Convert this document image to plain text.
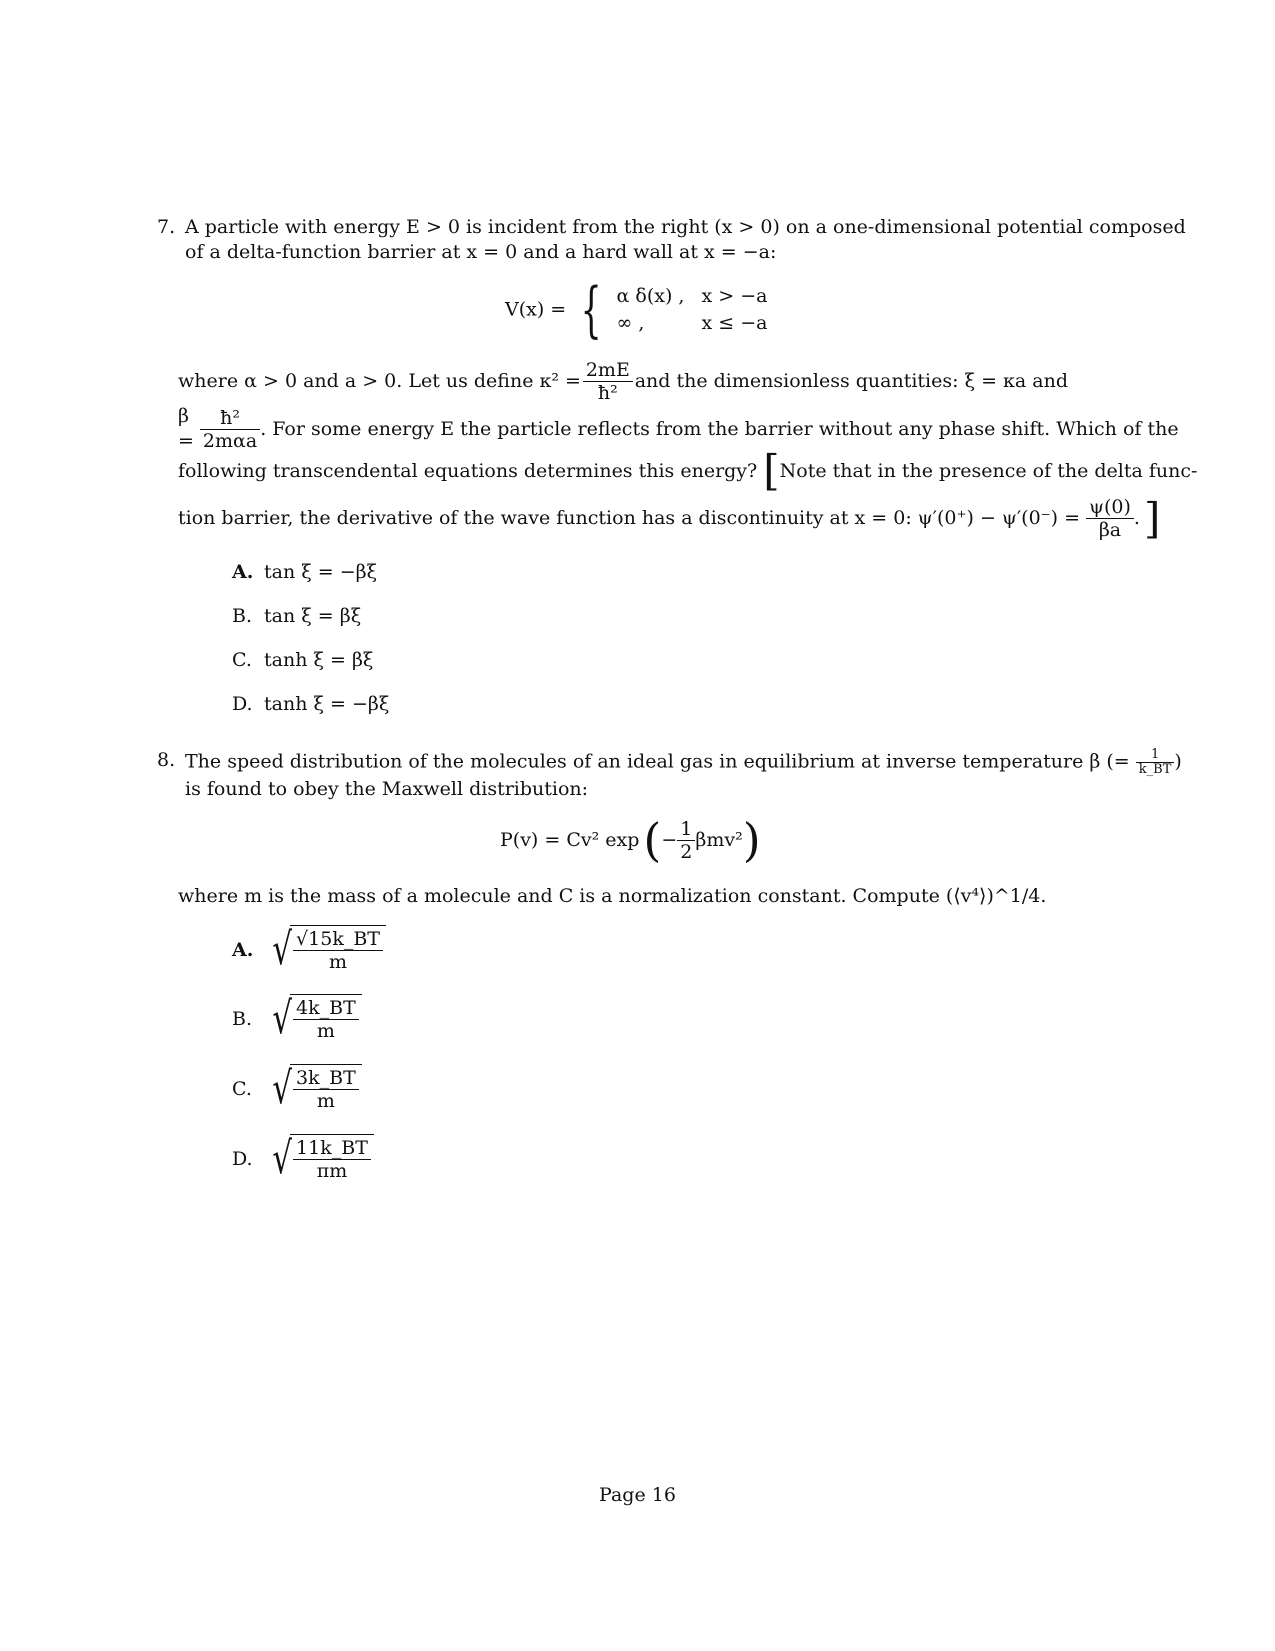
7. A particle with energy E > 0 is incident from the right (x > 0) on a one-dimensional potential composed
of a delta-function barrier at x = 0 and a hard wall at x = −a:
V(x) = { α δ(x) , x > −a
∞ ,	x ≤ −a
where α > 0 and a > 0. Let us define $\kappa^2 = \frac{2mE}{\text{ħ²}}$ and the dimensionless quantities: ξ = κa and
$\beta = \frac{\text{ħ²}}{\text{2mαa}}$ . For some energy E the particle reflects from the barrier without any phase shift. Which of the
following transcendental equations determines this energy? [Note that in the presence of the delta func-
tion barrier, the derivative of the wave function has a discontinuity at x = 0: $\psi'(0^+) - \psi'(0^-) = \frac{\psi(0)}{\beta a}$ . ]
A. tan ξ = −βξ
B. tan ξ = βξ
C. tanh ξ = βξ
D. tanh ξ = −βξ
8. The speed distribution of the molecules of an ideal gas in equilibrium at inverse temperature β (= $\frac{1}{k\_BT}$ )
is found to obey the Maxwell distribution:
P(v) = Cv² exp ( − $\frac{1}{2} \beta mv^2$ )
where m is the mass of a molecule and C is a normalization constant. Compute (⟨v⁴⟩)^1/4.
A. √
$\frac{√15k\_BT}{m}$
B. √
$\frac{4k\_BT}{m}$
C. √
$\frac{3k\_BT}{m}$
D. √
$\frac{11k\_BT}{\pi m}$
Page 16
